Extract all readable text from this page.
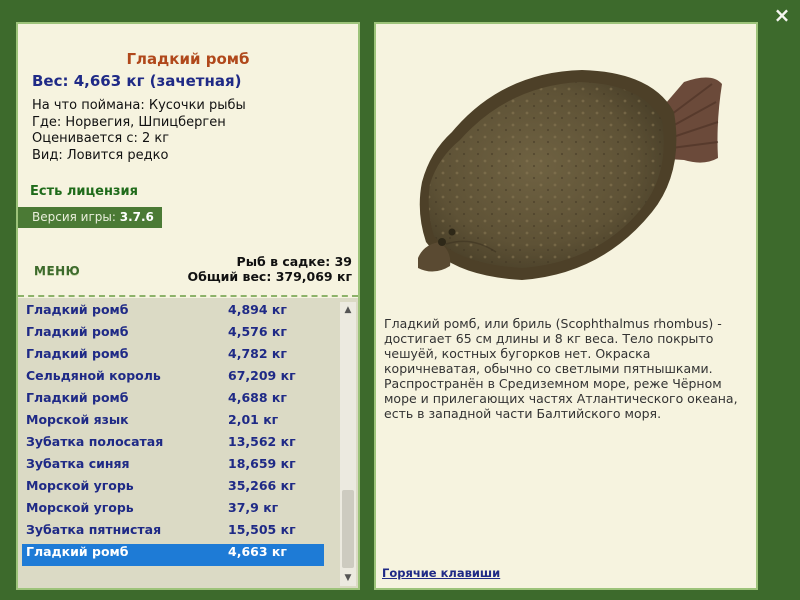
×
Гладкий ромб
Вес: 4,663 кг (зачетная)
На что поймана: Кусочки рыбы
Где: Норвегия, Шпицберген
Оценивается с: 2 кг
Вид: Ловится редко
Есть лицензия
Версия игры: 3.7.6
МЕНЮ
Рыб в садке: 39
Общий вес: 379,069 кг
Гладкий ромб	4,894 кг
Гладкий ромб	4,576 кг
Гладкий ромб	4,782 кг
Сельдяной король	67,209 кг
Гладкий ромб	4,688 кг
Морской язык	2,01 кг
Зубатка полосатая	13,562 кг
Зубатка синяя	18,659 кг
Морской угорь	35,266 кг
Морской угорь	37,9 кг
Зубатка пятнистая	15,505 кг
Гладкий ромб	4,663 кг
▲
▼
Гладкий ромб, или бриль (Scophthalmus rhombus) - достигает 65 см длины и 8 кг веса. Тело покрыто чешуёй, костных бугорков нет. Окраска коричневатая, обычно со светлыми пятнышками. Распространён в Средиземном море, реже Чёрном море и прилегающих частях Атлантического океана, есть в западной части Балтийского моря.
Горячие клавиши
